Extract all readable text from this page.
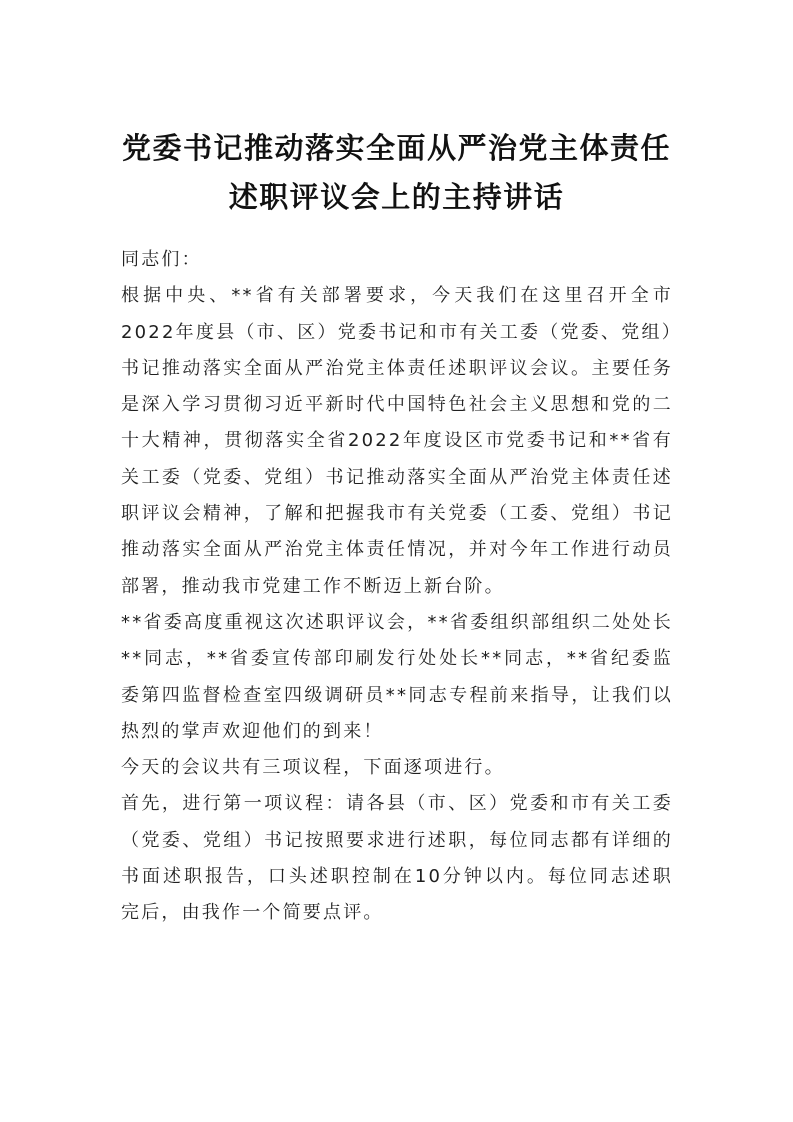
党委书记推动落实全面从严治党主体责任
述职评议会上的主持讲话

同志们：

根据中央、**省有关部署要求，今天我们在这里召开全市2022年度县（市、区）党委书记和市有关工委（党委、党组）书记推动落实全面从严治党主体责任述职评议会议。主要任务是深入学习贯彻习近平新时代中国特色社会主义思想和党的二十大精神，贯彻落实全省2022年度设区市党委书记和**省有关工委（党委、党组）书记推动落实全面从严治党主体责任述职评议会精神，了解和把握我市有关党委（工委、党组）书记推动落实全面从严治党主体责任情况，并对今年工作进行动员部署，推动我市党建工作不断迈上新台阶。

**省委高度重视这次述职评议会，**省委组织部组织二处处长**同志，**省委宣传部印刷发行处处长**同志，**省纪委监委第四监督检查室四级调研员**同志专程前来指导，让我们以热烈的掌声欢迎他们的到来！

今天的会议共有三项议程，下面逐项进行。

首先，进行第一项议程：请各县（市、区）党委和市有关工委（党委、党组）书记按照要求进行述职，每位同志都有详细的书面述职报告，口头述职控制在10分钟以内。每位同志述职完后，由我作一个简要点评。
